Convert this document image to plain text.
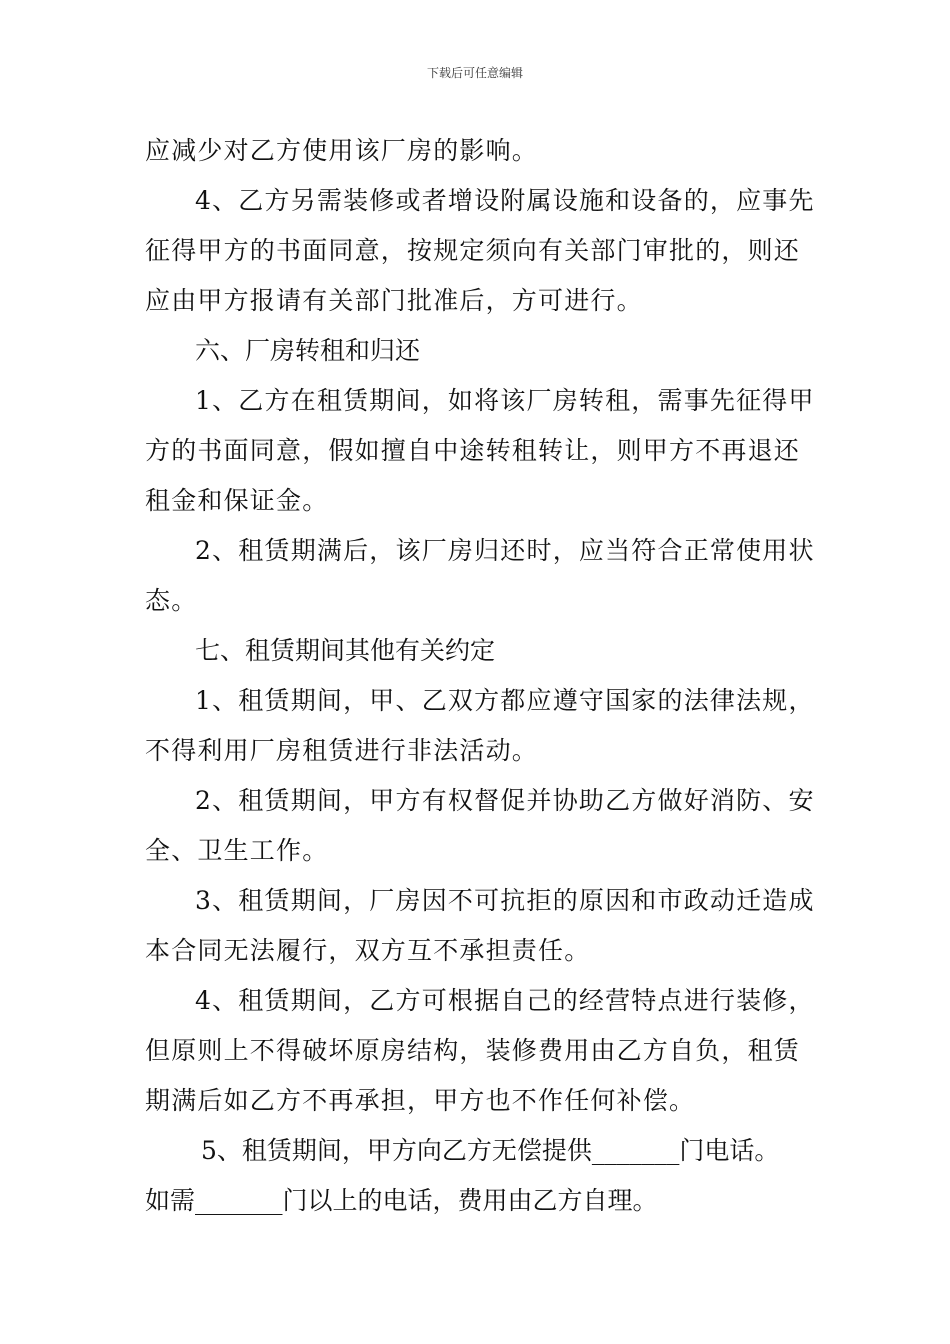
下载后可任意编辑
应减少对乙方使用该厂房的影响。
4、乙方另需装修或者增设附属设施和设备的，应事先
征得甲方的书面同意，按规定须向有关部门审批的，则还
应由甲方报请有关部门批准后，方可进行。
六、厂房转租和归还
1、乙方在租赁期间，如将该厂房转租，需事先征得甲
方的书面同意，假如擅自中途转租转让，则甲方不再退还
租金和保证金。
2、租赁期满后，该厂房归还时，应当符合正常使用状
态。
七、租赁期间其他有关约定
1、租赁期间，甲、乙双方都应遵守国家的法律法规，
不得利用厂房租赁进行非法活动。
2、租赁期间，甲方有权督促并协助乙方做好消防、安
全、卫生工作。
3、租赁期间，厂房因不可抗拒的原因和市政动迁造成
本合同无法履行，双方互不承担责任。
4、租赁期间，乙方可根据自己的经营特点进行装修，
但原则上不得破坏原房结构，装修费用由乙方自负，租赁
期满后如乙方不再承担，甲方也不作任何补偿。
5、租赁期间，甲方向乙方无偿提供_______门电话。
如需_______门以上的电话，费用由乙方自理。
